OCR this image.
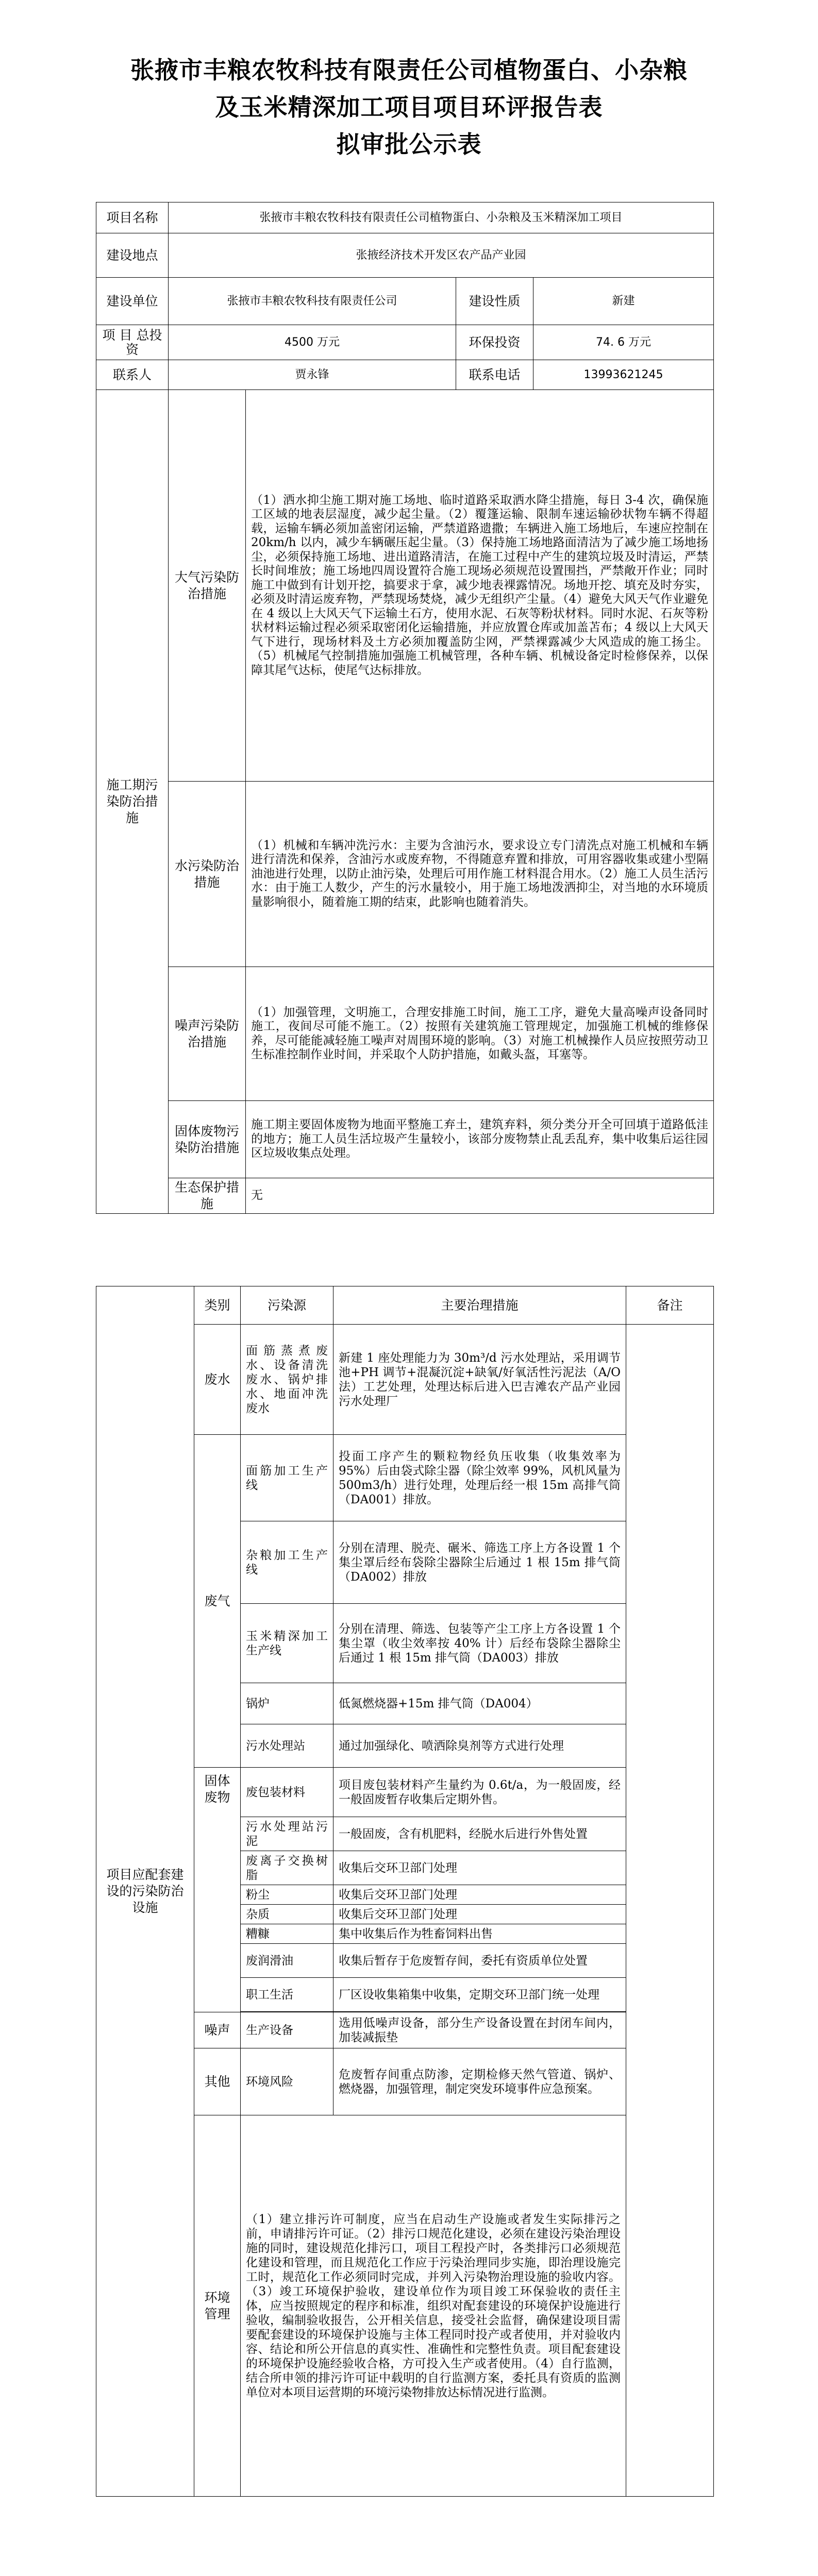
张掖市丰粮农牧科技有限责任公司植物蛋白、小杂粮
及玉米精深加工项目项目环评报告表
拟审批公示表
项目名称	张掖市丰粮农牧科技有限责任公司植物蛋白、小杂粮及玉米精深加工项目			
建设地点	张掖经济技术开发区农产品产业园			
建设单位	张掖市丰粮农牧科技有限责任公司		建设性质	新建
项 目 总投资	4500 万元		环保投资	74. 6 万元
联系人	贾永锋		联系电话	13993621245
施工期污染防治措施	大气污染防治措施	（1）洒水抑尘施工期对施工场地、临时道路采取洒水降尘措施，每日 3-4 次，确保施工区域的地表层湿度，减少起尘量。（2）覆篷运输、限制车速运输砂状物车辆不得超载，运输车辆必须加盖密闭运输，严禁道路遗撒；车辆进入施工场地后，车速应控制在 20km/h 以内，减少车辆碾压起尘量。（3）保持施工场地路面清洁为了减少施工场地扬尘，必须保持施工场地、进出道路清洁，在施工过程中产生的建筑垃圾及时清运，严禁长时间堆放；施工场地四周设置符合施工现场必须规范设置围挡，严禁敞开作业；同时施工中做到有计划开挖，搞要求于拿，减少地表裸露情况。场地开挖、填充及时夯实，必须及时清运废弃物，严禁现场焚烧，减少无组织产尘量。（4）避免大风天气作业避免在 4 级以上大风天气下运输土石方，使用水泥、石灰等粉状材料。同时水泥、石灰等粉状材料运输过程必须采取密闭化运输措施，并应放置仓库或加盖苫布；4 级以上大风天气下进行，现场材料及土方必须加覆盖防尘网，严禁裸露减少大风造成的施工扬尘。（5）机械尾气控制措施加强施工机械管理，各种车辆、机械设备定时检修保养，以保障其尾气达标，使尾气达标排放。		
	水污染防治措施	（1）机械和车辆冲洗污水：主要为含油污水，要求设立专门清洗点对施工机械和车辆进行清洗和保养，含油污水或废弃物，不得随意弃置和排放，可用容器收集或建小型隔油池进行处理，以防止油污染，处理后可用作施工材料混合用水。（2）施工人员生活污水：由于施工人数少，产生的污水量较小，用于施工场地泼洒抑尘，对当地的水环境质量影响很小，随着施工期的结束，此影响也随着消失。		
	噪声污染防治措施	（1）加强管理，文明施工，合理安排施工时间，施工工序，避免大量高噪声设备同时施工，夜间尽可能不施工。（2）按照有关建筑施工管理规定，加强施工机械的维修保养，尽可能能减轻施工噪声对周围环境的影响。（3）对施工机械操作人员应按照劳动卫生标准控制作业时间，并采取个人防护措施，如戴头盔，耳塞等。		
	固体废物污染防治措施	施工期主要固体废物为地面平整施工弃土，建筑弃料，须分类分开全可回填于道路低洼的地方；施工人员生活垃圾产生量较小，该部分废物禁止乱丢乱弃，集中收集后运往园区垃圾收集点处理。		
	生态保护措施	无		
项目应配套建设的污染防治设施	类别	污染源	主要治理措施	备注
	废水	面筋蒸煮废水、设备清洗废水、锅炉排水、地面冲洗废水	新建 1 座处理能力为 30m³/d 污水处理站，采用调节池+PH 调节+混凝沉淀+缺氧/好氧活性污泥法（A/O 法）工艺处理，处理达标后进入巴吉滩农产品产业园污水处理厂	
	废气	面筋加工生产线	投面工序产生的颗粒物经负压收集（收集效率为 95%）后由袋式除尘器（除尘效率 99%，风机风量为 500m3/h）进行处理，处理后经一根 15m 高排气筒（DA001）排放。	
		杂粮加工生产线	分别在清理、脱壳、碾米、筛选工序上方各设置 1 个集尘罩后经布袋除尘器除尘后通过 1 根 15m 排气筒（DA002）排放	
		玉米精深加工生产线	分别在清理、筛选、包装等产尘工序上方各设置 1 个集尘罩（收尘效率按 40% 计）后经布袋除尘器除尘后通过 1 根 15m 排气筒（DA003）排放	
		锅炉	低氮燃烧器+15m 排气筒（DA004）	
		污水处理站	通过加强绿化、喷洒除臭剂等方式进行处理	
	固体废物	废包装材料	项目废包装材料产生量约为 0.6t/a，为一般固废，经一般固废暂存收集后定期外售。	
		污水处理站污泥	一般固废，含有机肥料，经脱水后进行外售处置	
		废离子交换树脂	收集后交环卫部门处理	
		粉尘	收集后交环卫部门处理	
		杂质	收集后交环卫部门处理	
		糟糠	集中收集后作为牲畜饲料出售	
		废润滑油	收集后暂存于危废暂存间，委托有资质单位处置	
		职工生活	厂区设收集箱集中收集，定期交环卫部门统一处理	

	噪声	生产设备	选用低噪声设备，部分生产设备设置在封闭车间内，加装减振垫	
	其他	环境风险	危废暂存间重点防渗，定期检修天然气管道、锅炉、燃烧器，加强管理，制定突发环境事件应急预案。	
	环境管理	（1）建立排污许可制度，应当在启动生产设施或者发生实际排污之前，申请排污许可证。（2）排污口规范化建设，必须在建设污染治理设施的同时，建设规范化排污口，项目工程投产时，各类排污口必须规范化建设和管理，而且规范化工作应于污染治理同步实施，即治理设施完工时，规范化工作必须同时完成，并列入污染物治理设施的验收内容。（3）竣工环境保护验收，建设单位作为项目竣工环保验收的责任主体，应当按照规定的程序和标准，组织对配套建设的环境保护设施进行验收，编制验收报告，公开相关信息，接受社会监督，确保建设项目需要配套建设的环境保护设施与主体工程同时投产或者使用，并对验收内容、结论和所公开信息的真实性、准确性和完整性负责。项目配套建设的环境保护设施经验收合格，方可投入生产或者使用。（4）自行监测，结合所申领的排污许可证中载明的自行监测方案，委托具有资质的监测单位对本项目运营期的环境污染物排放达标情况进行监测。		
